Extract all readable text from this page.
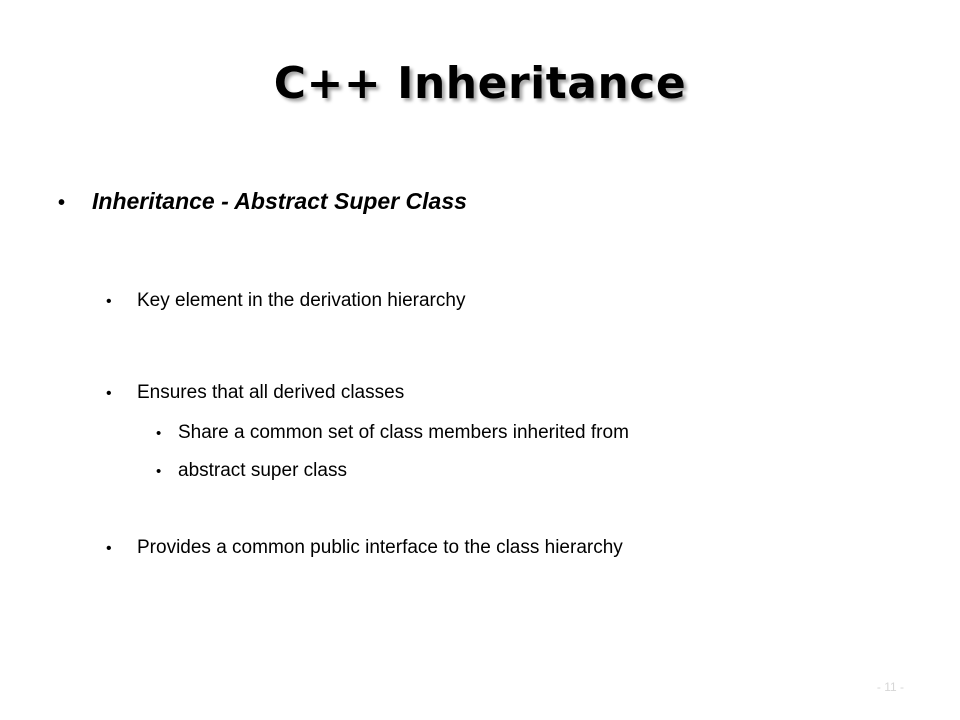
C++ Inheritance
• Inheritance - Abstract Super Class
• Key element in the derivation hierarchy
• Ensures that all derived classes
• Share a common set of class members inherited from
• abstract super class
• Provides a common public interface to the class hierarchy
- 11 -
